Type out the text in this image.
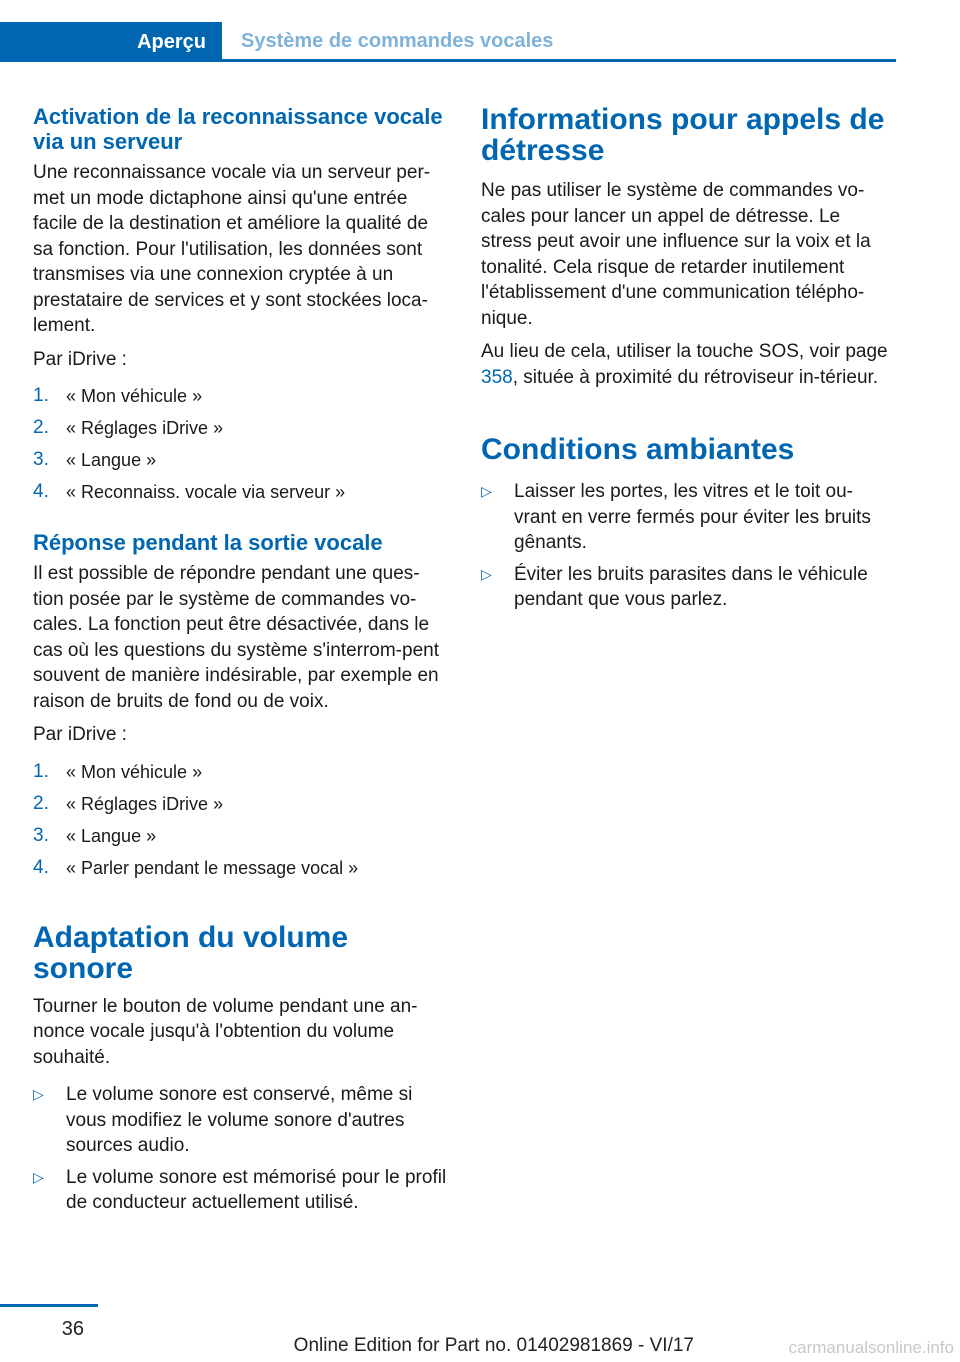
Aperçu Système de commandes vocales
Activation de la reconnaissance vocale via un serveur

Une reconnaissance vocale via un serveur per-met un mode dictaphone ainsi qu'une entrée facile de la destination et améliore la qualité de sa fonction. Pour l'utilisation, les données sont transmises via une connexion cryptée à un prestataire de services et y sont stockées loca-lement.

Par iDrive :

1. « Mon véhicule »
2. « Réglages iDrive »
3. « Langue »
4. « Reconnaiss. vocale via serveur »
Réponse pendant la sortie vocale

Il est possible de répondre pendant une ques-tion posée par le système de commandes vo-cales. La fonction peut être désactivée, dans le cas où les questions du système s'interrom-pent souvent de manière indésirable, par exemple en raison de bruits de fond ou de voix.

Par iDrive :

1. « Mon véhicule »
2. « Réglages iDrive »
3. « Langue »
4. « Parler pendant le message vocal »
Adaptation du volume sonore

Tourner le bouton de volume pendant une an-nonce vocale jusqu'à l'obtention du volume souhaité.

▷ Le volume sonore est conservé, même si vous modifiez le volume sonore d'autres sources audio.
▷ Le volume sonore est mémorisé pour le profil de conducteur actuellement utilisé.
Informations pour appels de détresse

Ne pas utiliser le système de commandes vo-cales pour lancer un appel de détresse. Le stress peut avoir une influence sur la voix et la tonalité. Cela risque de retarder inutilement l'établissement d'une communication télépho-nique.

Au lieu de cela, utiliser la touche SOS, voir page 358, située à proximité du rétroviseur in-térieur.

Conditions ambiantes
▷ Laisser les portes, les vitres et le toit ou-vrant en verre fermés pour éviter les bruits gênants.
▷ Éviter les bruits parasites dans le véhicule pendant que vous parlez.
36
Online Edition for Part no. 01402981869 - VI/17	carmanualsonline.info
